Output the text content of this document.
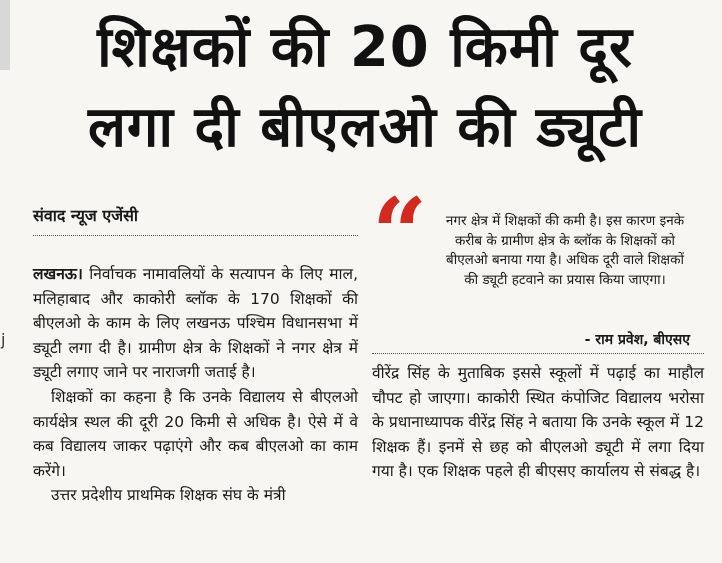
j
शिक्षकों की 20 किमी दूर
लगा दी बीएलओ की ड्यूटी
संवाद न्यूज एजेंसी

लखनऊ। निर्वाचक नामावलियों के सत्यापन के लिए माल, मलिहाबाद और काकोरी ब्लॉक के 170 शिक्षकों की बीएलओ के काम के लिए लखनऊ पश्चिम विधानसभा में ड्यूटी लगा दी है। ग्रामीण क्षेत्र के शिक्षकों ने नगर क्षेत्र में ड्यूटी लगाए जाने पर नाराजगी जताई है।

शिक्षकों का कहना है कि उनके विद्यालय से बीएलओ कार्यक्षेत्र स्थल की दूरी 20 किमी से अधिक है। ऐसे में वे कब विद्यालय जाकर पढ़ाएंगे और कब बीएलओ का काम करेंगे।

उत्तर प्रदेशीय प्राथमिक शिक्षक संघ के मंत्री

“	नगर क्षेत्र में शिक्षकों की कमी है। इस कारण इनके करीब के ग्रामीण क्षेत्र के ब्लॉक के शिक्षकों को बीएलओ बनाया गया है। अधिक दूरी वाले शिक्षकों की ड्यूटी हटवाने का प्रयास किया जाएगा।
- राम प्रवेश, बीएसए

वीरेंद्र सिंह के मुताबिक इससे स्कूलों में पढ़ाई का माहौल चौपट हो जाएगा। काकोरी स्थित कंपोजिट विद्यालय भरोसा के प्रधानाध्यापक वीरेंद्र सिंह ने बताया कि उनके स्कूल में 12 शिक्षक हैं। इनमें से छह को बीएलओ ड्यूटी में लगा दिया गया है। एक शिक्षक पहले ही बीएसए कार्यालय से संबद्ध है।
